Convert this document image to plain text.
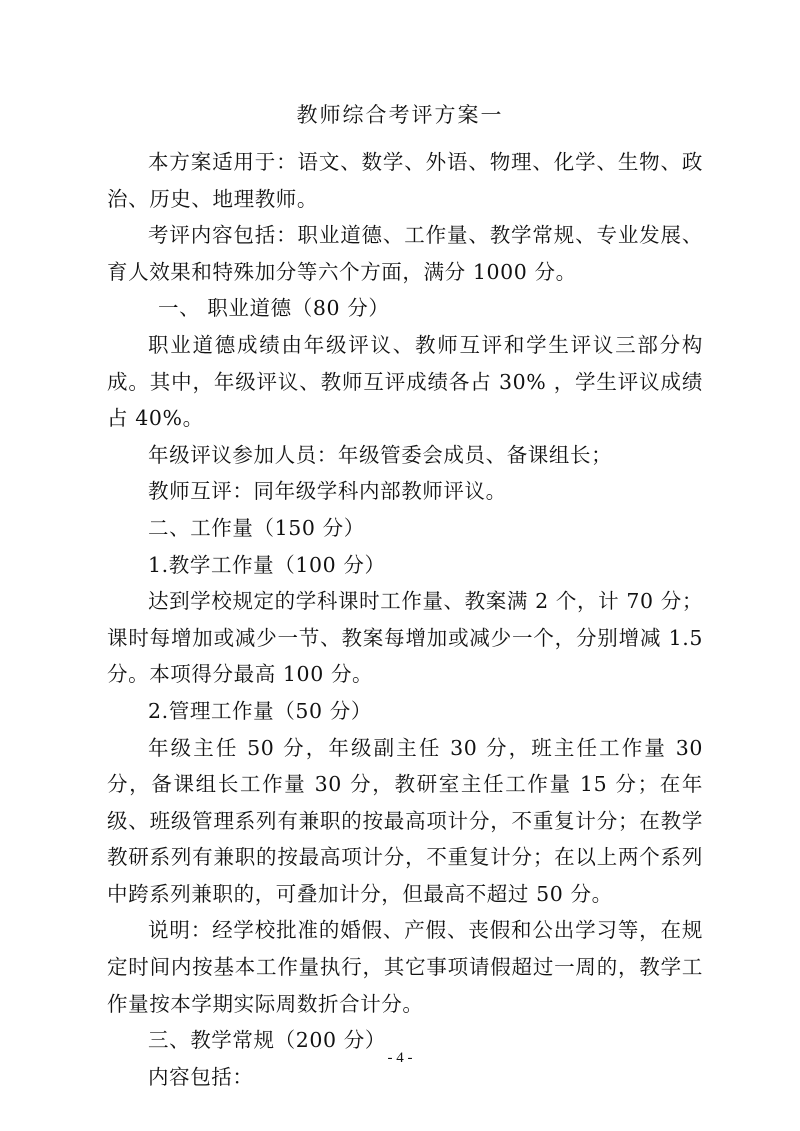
教师综合考评方案一

本方案适用于：语文、数学、外语、物理、化学、生物、政治、历史、地理教师。

考评内容包括：职业道德、工作量、教学常规、专业发展、育人效果和特殊加分等六个方面，满分 1000 分。

一、 职业道德（80 分）

职业道德成绩由年级评议、教师互评和学生评议三部分构成。其中，年级评议、教师互评成绩各占 30% ，学生评议成绩占 40%。

年级评议参加人员：年级管委会成员、备课组长；

教师互评：同年级学科内部教师评议。

二、工作量（150 分）

1.教学工作量（100 分）

达到学校规定的学科课时工作量、教案满 2 个，计 70 分；课时每增加或减少一节、教案每增加或减少一个，分别增减 1.5 分。本项得分最高 100 分。

2.管理工作量（50 分）

年级主任 50 分，年级副主任 30 分，班主任工作量 30 分，备课组长工作量 30 分，教研室主任工作量 15 分；在年级、班级管理系列有兼职的按最高项计分，不重复计分；在教学教研系列有兼职的按最高项计分，不重复计分；在以上两个系列中跨系列兼职的，可叠加计分，但最高不超过 50 分。

说明：经学校批准的婚假、产假、丧假和公出学习等，在规定时间内按基本工作量执行，其它事项请假超过一周的，教学工作量按本学期实际周数折合计分。

三、教学常规（200 分）

内容包括：

- 4 -
